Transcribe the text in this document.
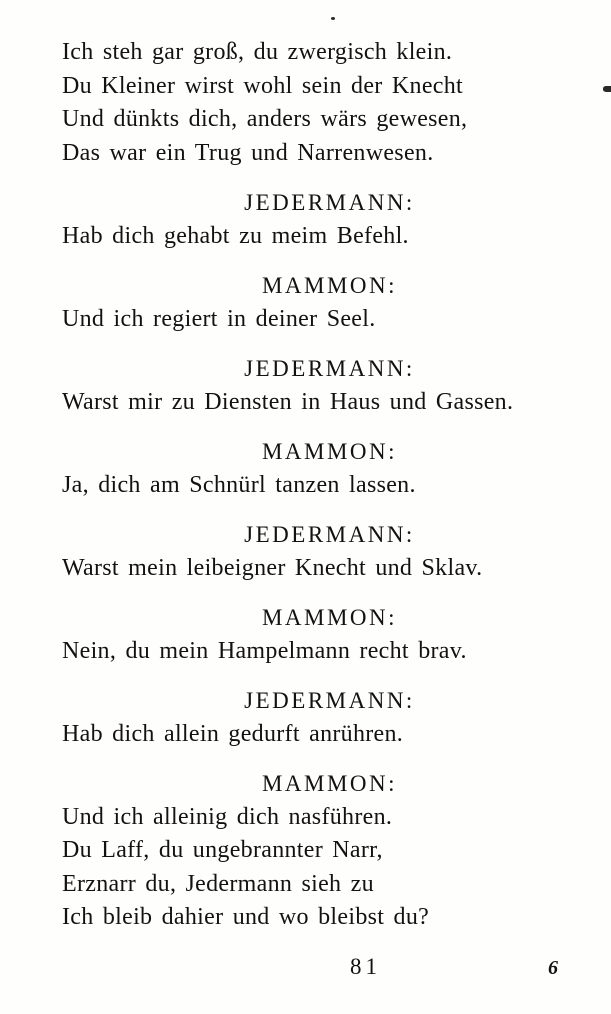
Ich steh gar groß, du zwergisch klein.

Du Kleiner wirst wohl sein der Knecht

Und dünkts dich, anders wärs gewesen,

Das war ein Trug und Narrenwesen.

JEDERMANN:

Hab dich gehabt zu meim Befehl.

MAMMON:

Und ich regiert in deiner Seel.

JEDERMANN:

Warst mir zu Diensten in Haus und Gassen.

MAMMON:

Ja, dich am Schnürl tanzen lassen.

JEDERMANN:

Warst mein leibeigner Knecht und Sklav.

MAMMON:

Nein, du mein Hampelmann recht brav.

JEDERMANN:

Hab dich allein gedurft anrühren.

MAMMON:

Und ich alleinig dich nasführen.

Du Laff, du ungebrannter Narr,

Erznarr du, Jedermann sieh zu

Ich bleib dahier und wo bleibst du?

81	6
